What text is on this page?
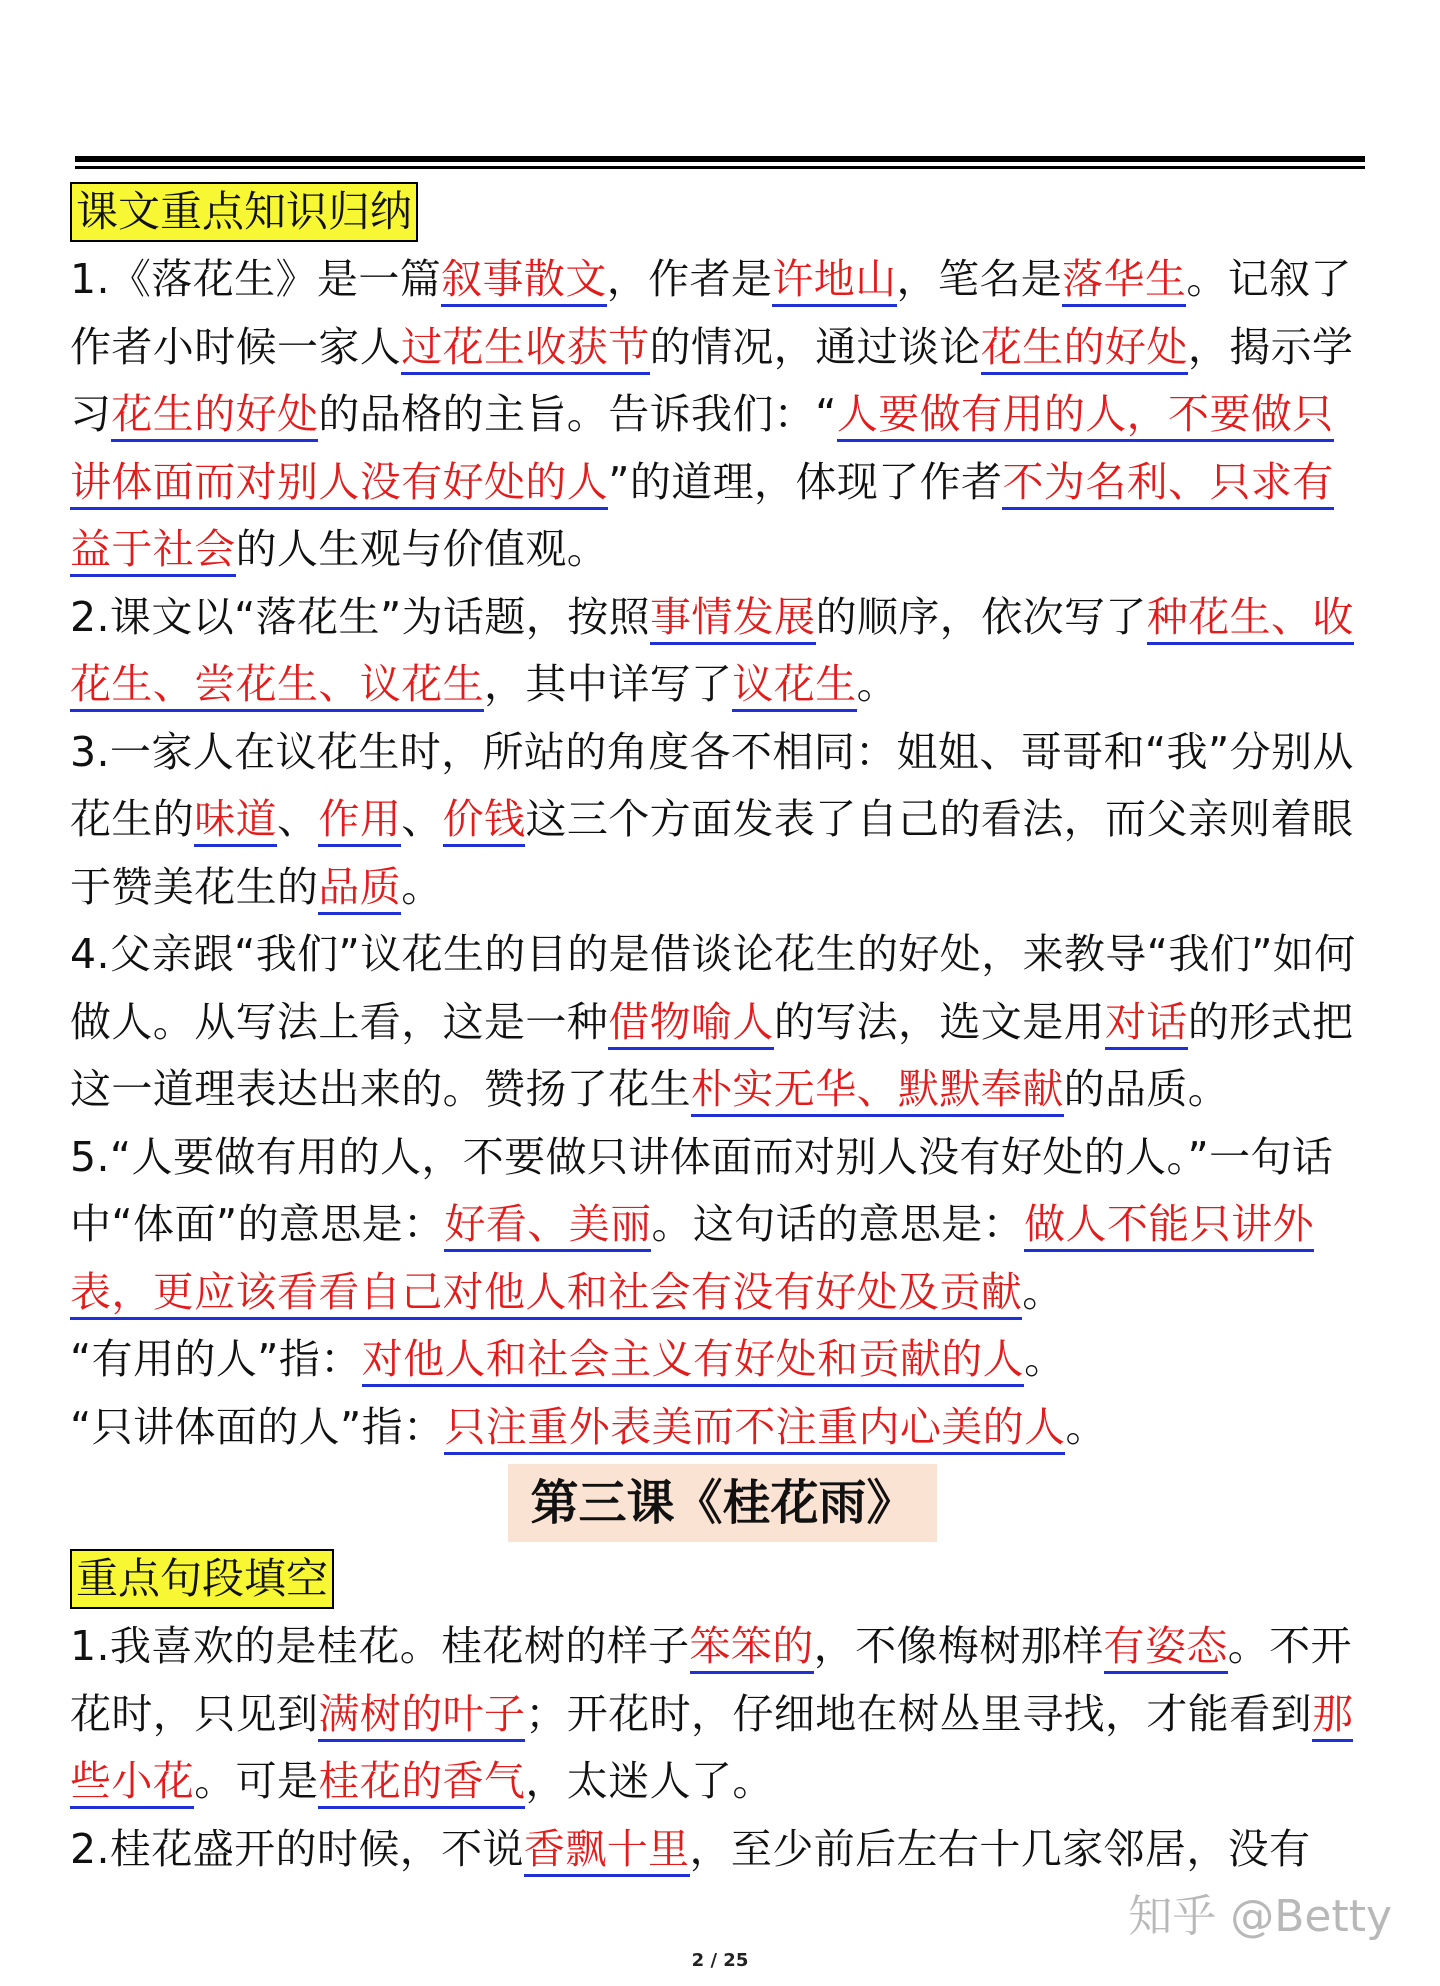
课文重点知识归纳

1.《落花生》是一篇叙事散文，作者是许地山，笔名是落华生。记叙了作者小时候一家人过花生收获节的情况，通过谈论花生的好处，揭示学习花生的好处的品格的主旨。告诉我们：“人要做有用的人，不要做只讲体面而对别人没有好处的人”的道理，体现了作者不为名利、只求有益于社会的人生观与价值观。

2.课文以“落花生”为话题，按照事情发展的顺序，依次写了种花生、收花生、尝花生、议花生，其中详写了议花生。

3.一家人在议花生时，所站的角度各不相同：姐姐、哥哥和“我”分别从花生的味道、作用、价钱这三个方面发表了自己的看法，而父亲则着眼于赞美花生的品质。

4.父亲跟“我们”议花生的目的是借谈论花生的好处，来教导“我们”如何做人。从写法上看，这是一种借物喻人的写法，选文是用对话的形式把这一道理表达出来的。赞扬了花生朴实无华、默默奉献的品质。

5.“人要做有用的人，不要做只讲体面而对别人没有好处的人。”一句话中“体面”的意思是：好看、美丽。这句话的意思是：做人不能只讲外表，更应该看看自己对他人和社会有没有好处及贡献。

“有用的人”指：对他人和社会主义有好处和贡献的人。

“只讲体面的人”指：只注重外表美而不注重内心美的人。

第三课《桂花雨》
重点句段填空

1.我喜欢的是桂花。桂花树的样子笨笨的，不像梅树那样有姿态。不开花时，只见到满树的叶子；开花时，仔细地在树丛里寻找，才能看到那些小花。可是桂花的香气，太迷人了。

2.桂花盛开的时候，不说香飘十里，至少前后左右十几家邻居，没有

知乎 @Betty
2 / 25
